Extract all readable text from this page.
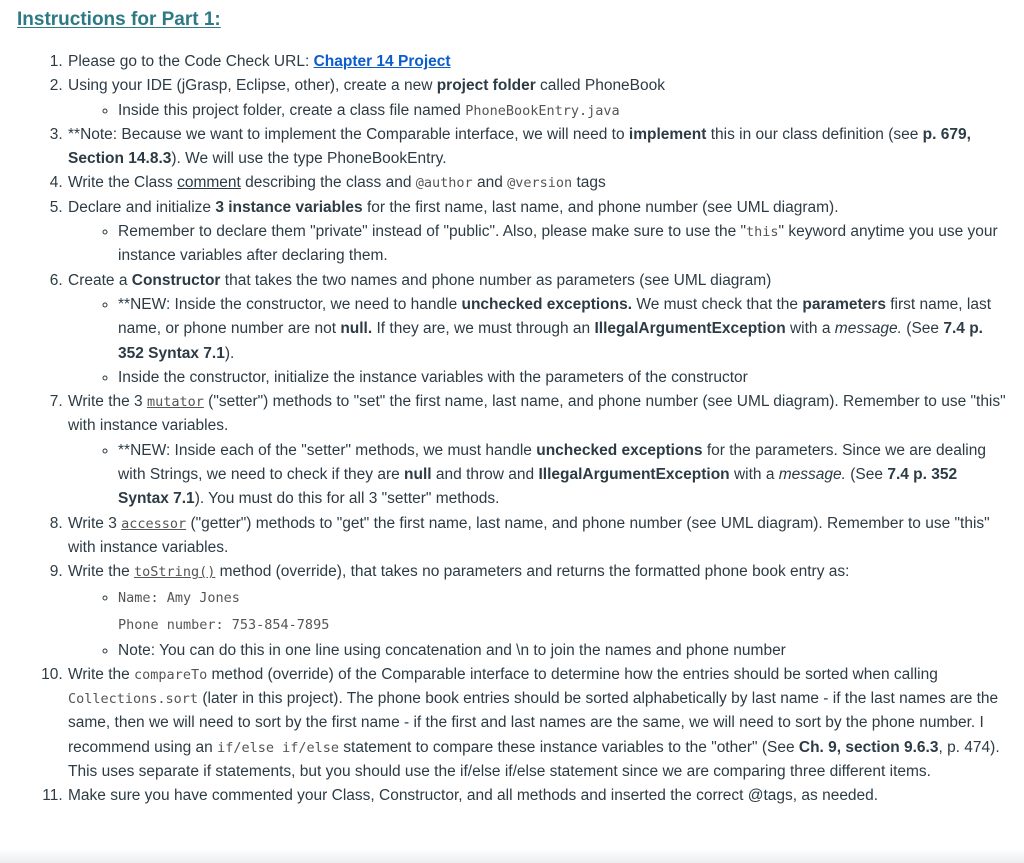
Instructions for Part 1:
1. Please go to the Code Check URL: Chapter 14 Project
2. Using your IDE (jGrasp, Eclipse, other), create a new project folder called PhoneBook
◦ Inside this project folder, create a class file named PhoneBookEntry.java
3. **Note: Because we want to implement the Comparable interface, we will need to implement this in our class definition (see p. 679, Section 14.8.3). We will use the type PhoneBookEntry.
4. Write the Class comment describing the class and @author and @version tags
5. Declare and initialize 3 instance variables for the first name, last name, and phone number (see UML diagram).
◦ Remember to declare them "private" instead of "public". Also, please make sure to use the "this" keyword anytime you use your instance variables after declaring them.
6. Create a Constructor that takes the two names and phone number as parameters (see UML diagram)
◦ **NEW: Inside the constructor, we need to handle unchecked exceptions. We must check that the parameters first name, last name, or phone number are not null. If they are, we must through an IllegalArgumentException with a message. (See 7.4 p. 352 Syntax 7.1).
◦ Inside the constructor, initialize the instance variables with the parameters of the constructor
7. Write the 3 mutator ("setter") methods to "set" the first name, last name, and phone number (see UML diagram). Remember to use "this" with instance variables.
◦ **NEW: Inside each of the "setter" methods, we must handle unchecked exceptions for the parameters. Since we are dealing with Strings, we need to check if they are null and throw and IllegalArgumentException with a message. (See 7.4 p. 352 Syntax 7.1). You must do this for all 3 "setter" methods.
8. Write 3 accessor ("getter") methods to "get" the first name, last name, and phone number (see UML diagram). Remember to use "this" with instance variables.
9. Write the toString() method (override), that takes no parameters and returns the formatted phone book entry as:
◦ Name: Amy Jones
Phone number: 753-854-7895
◦ Note: You can do this in one line using concatenation and \n to join the names and phone number
10. Write the compareTo method (override) of the Comparable interface to determine how the entries should be sorted when calling Collections.sort (later in this project). The phone book entries should be sorted alphabetically by last name - if the last names are the same, then we will need to sort by the first name - if the first and last names are the same, we will need to sort by the phone number. I recommend using an if/else if/else statement to compare these instance variables to the "other" (See Ch. 9, section 9.6.3, p. 474). This uses separate if statements, but you should use the if/else if/else statement since we are comparing three different items.
11. Make sure you have commented your Class, Constructor, and all methods and inserted the correct @tags, as needed.
